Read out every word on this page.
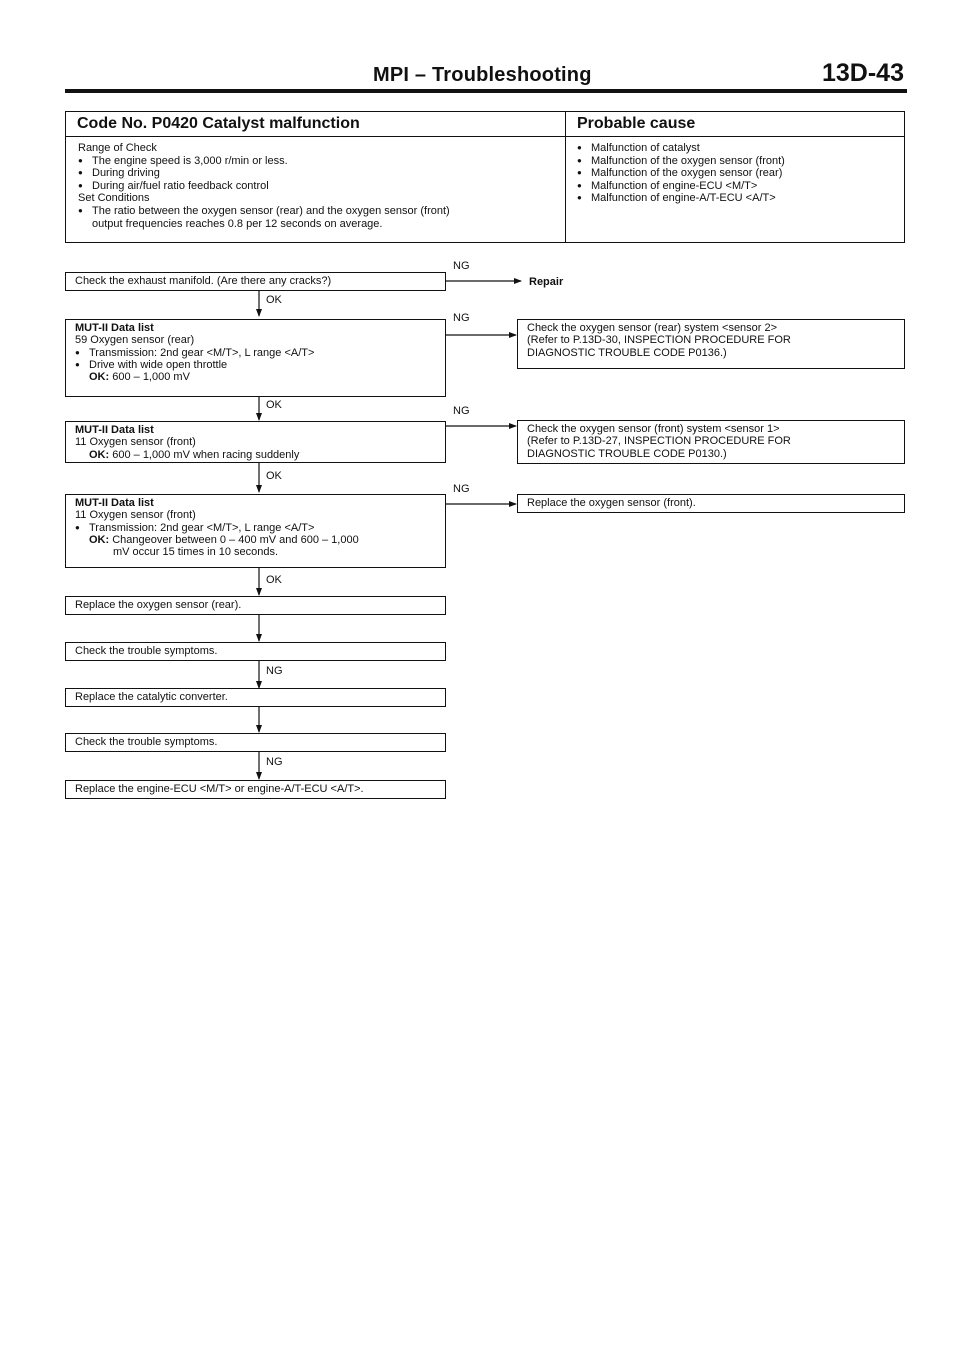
MPI – Troubleshooting	13D-43
Code No. P0420 Catalyst malfunction	Probable cause
Range of Check
● The engine speed is 3,000 r/min or less.
● During driving
● During air/fuel ratio feedback control
Set Conditions
● The ratio between the oxygen sensor (rear) and the oxygen sensor (front)
output frequencies reaches 0.8 per 12 seconds on average.
● Malfunction of catalyst
● Malfunction of the oxygen sensor (front)
● Malfunction of the oxygen sensor (rear)
● Malfunction of engine-ECU <M/T>
● Malfunction of engine-A/T-ECU <A/T>
Check the exhaust manifold. (Are there any cracks?)
NG
Repair
OK
MUT-II Data list
59 Oxygen sensor (rear)
● Transmission: 2nd gear <M/T>, L range <A/T>
● Drive with wide open throttle
OK: 600 – 1,000 mV
NG
Check the oxygen sensor (rear) system <sensor 2>
(Refer to P.13D-30, INSPECTION PROCEDURE FOR
DIAGNOSTIC TROUBLE CODE P0136.)
OK
MUT-II Data list
11 Oxygen sensor (front)
OK: 600 – 1,000 mV when racing suddenly
NG
Check the oxygen sensor (front) system <sensor 1>
(Refer to P.13D-27, INSPECTION PROCEDURE FOR
DIAGNOSTIC TROUBLE CODE P0130.)
OK
MUT-II Data list
11 Oxygen sensor (front)
● Transmission: 2nd gear <M/T>, L range <A/T>
OK: Changeover between 0 – 400 mV and 600 – 1,000
mV occur 15 times in 10 seconds.
NG
Replace the oxygen sensor (front).
OK
Replace the oxygen sensor (rear).
Check the trouble symptoms.
NG
Replace the catalytic converter.
Check the trouble symptoms.
NG
Replace the engine-ECU <M/T> or engine-A/T-ECU <A/T>.
